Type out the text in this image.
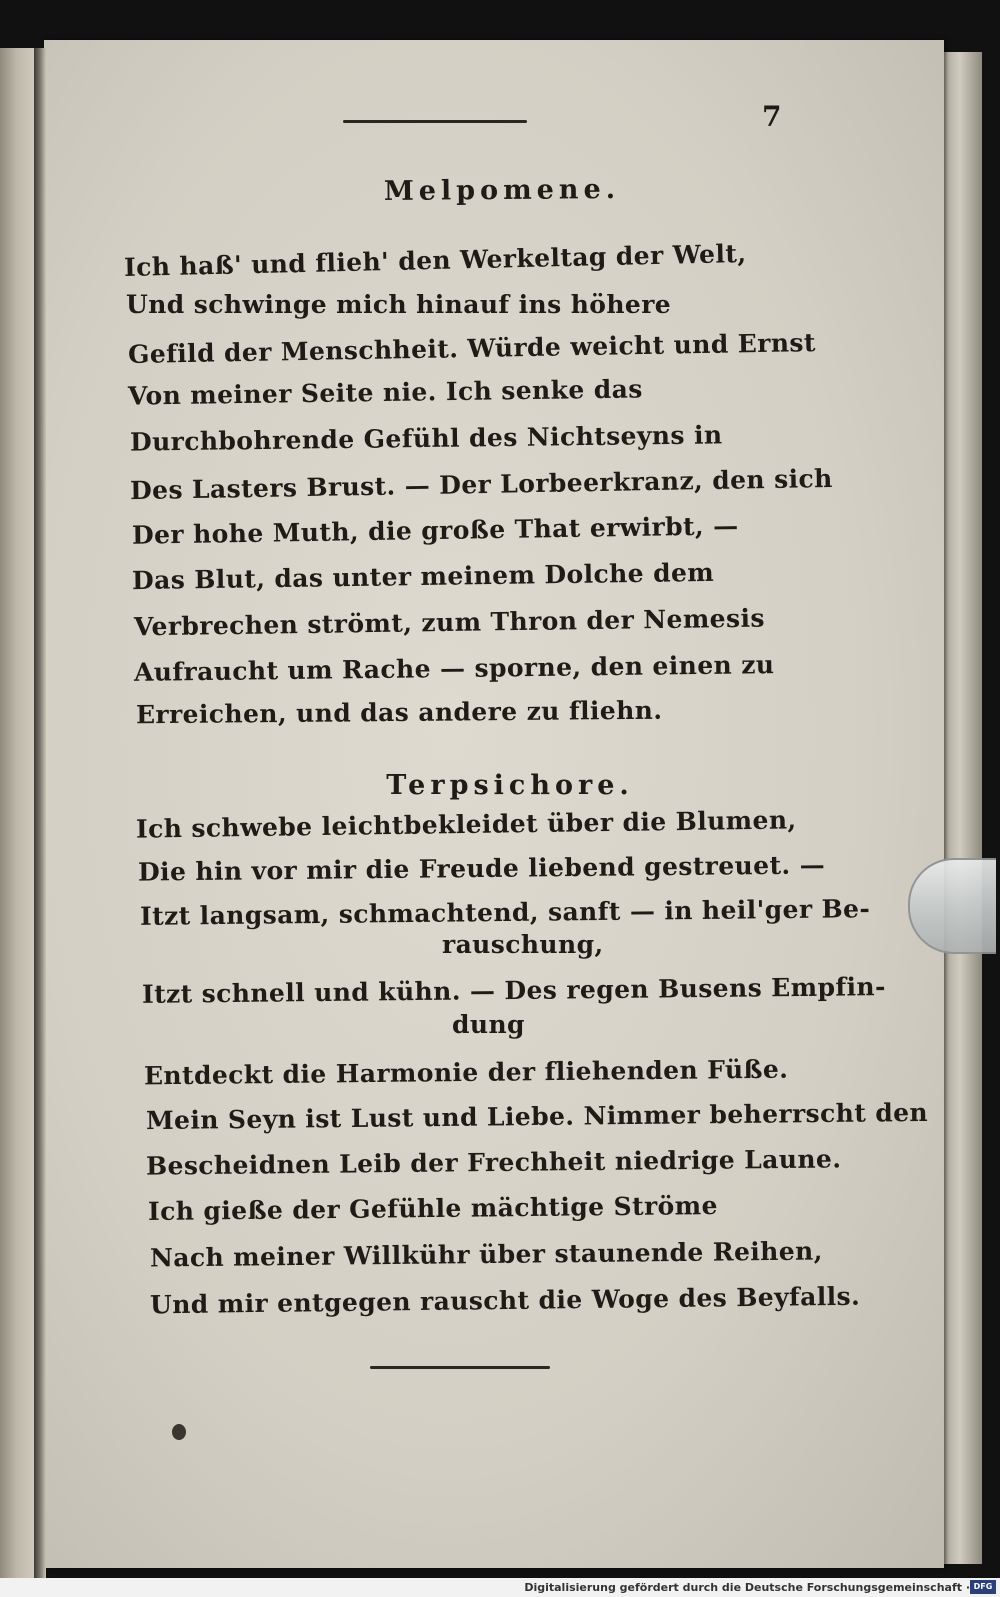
7
Melpomene.
Ich haß' und flieh' den Werkeltag der Welt,
Und schwinge mich hinauf ins höhere
Gefild der Menschheit. Würde weicht und Ernst
Von meiner Seite nie. Ich senke das
Durchbohrende Gefühl des Nichtseyns in
Des Lasters Brust. — Der Lorbeerkranz, den sich
Der hohe Muth, die große That erwirbt, —
Das Blut, das unter meinem Dolche dem
Verbrechen strömt, zum Thron der Nemesis
Aufraucht um Rache — sporne, den einen zu
Erreichen, und das andere zu fliehn.
Terpsichore.
Ich schwebe leichtbekleidet über die Blumen,
Die hin vor mir die Freude liebend gestreuet. —
Itzt langsam, schmachtend, sanft — in heil'ger Be-
rauschung,
Itzt schnell und kühn. — Des regen Busens Empfin-
dung
Entdeckt die Harmonie der fliehenden Füße.
Mein Seyn ist Lust und Liebe. Nimmer beherrscht den
Bescheidnen Leib der Frechheit niedrige Laune.
Ich gieße der Gefühle mächtige Ströme
Nach meiner Willkühr über staunende Reihen,
Und mir entgegen rauscht die Woge des Beyfalls.
Digitalisierung gefördert durch die Deutsche Forschungsgemeinschaft · DFG
